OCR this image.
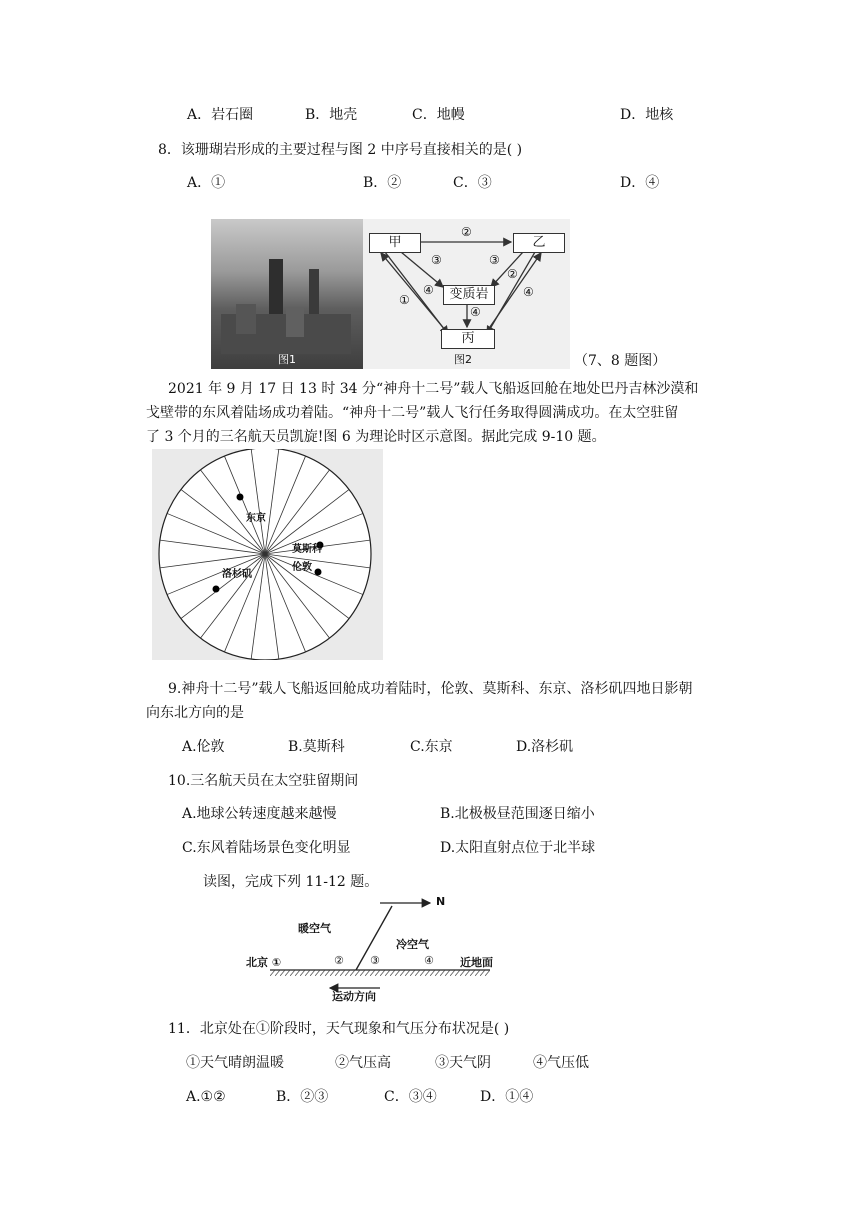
A．岩石圈	B．地壳	C．地幔	D．地核
8．该珊瑚岩形成的主要过程与图 2 中序号直接相关的是( )
A．①	B．②	C．③	D．④
图1
甲	乙
变质岩
丙
②
③	③
④
②
④
①
④
图2	（7、8 题图）
2021 年 9 月 17 日 13 时 34 分“神舟十二号”载人飞船返回舱在地处巴丹吉林沙漠和
戈壁带的东风着陆场成功着陆。“神舟十二号”载人飞行任务取得圆满成功。在太空驻留
了 3 个月的三名航天员凯旋!图 6 为理论时区示意图。据此完成 9-10 题。
莫斯科
伦敦
洛杉矶
东京
9.神舟十二号”载人飞船返回舱成功着陆时，伦敦、莫斯科、东京、洛杉矶四地日影朝
向东北方向的是
A.伦敦	B.莫斯科	C.东京	D.洛杉矶
10.三名航天员在太空驻留期间
A.地球公转速度越来越慢	B.北极极昼范围逐日缩小
C.东风着陆场景色变化明显	D.太阳直射点位于北半球
读图，完成下列 11-12 题。
N
暖空气
冷空气
北京 ①	② ③	④ 近地面
运动方向
11．北京处在①阶段时，天气现象和气压分布状况是( )
①天气晴朗温暖	②气压高	③天气阴	④气压低
A.①②	B．②③	C．③④	D．①④
